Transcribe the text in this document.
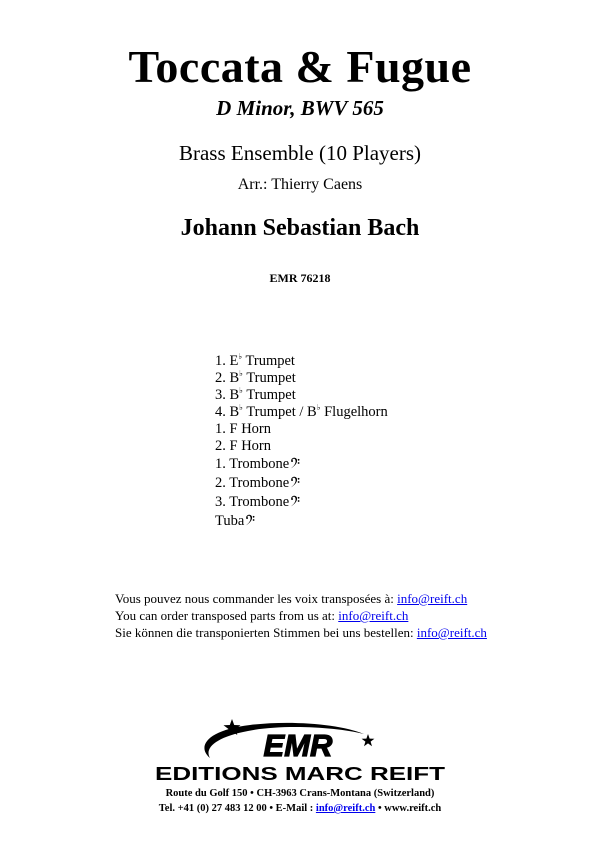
Toccata & Fugue
D Minor, BWV 565
Brass Ensemble (10 Players)
Arr.: Thierry Caens
Johann Sebastian Bach
EMR 76218
1. E♭ Trumpet
2. B♭ Trumpet
3. B♭ Trumpet
4. B♭ Trumpet / B♭ Flugelhorn
1. F Horn
2. F Horn
1. Trombone
2. Trombone
3. Trombone
Tuba
Vous pouvez nous commander les voix transposées à: info@reift.ch
You can order transposed parts from us at: info@reift.ch
Sie können die transponierten Stimmen bei uns bestellen: info@reift.ch
EMR
EDITIONS MARC REIFT
Route du Golf 150 • CH-3963 Crans-Montana (Switzerland)
Tel. +41 (0) 27 483 12 00 • E-Mail : info@reift.ch • www.reift.ch
